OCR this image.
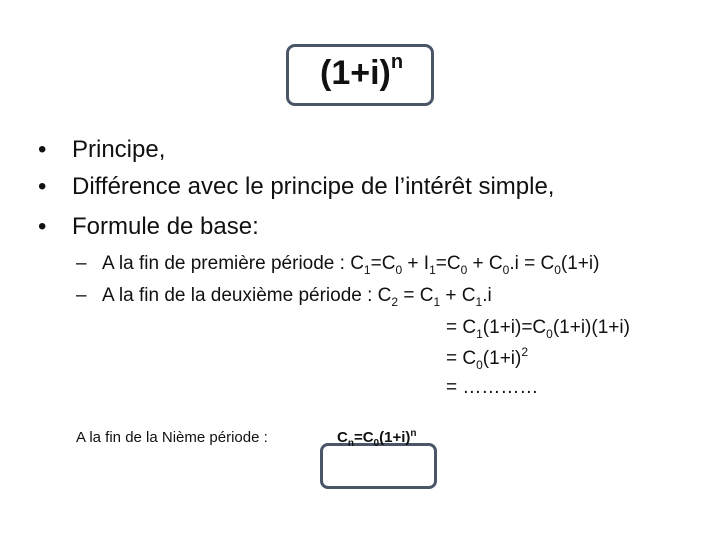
$(1+i)^n$
• Principe,
• Différence avec le principe de l’intérêt simple,
• Formule de base:
– A la fin de première période : $C_1=C_0 + I_1=C_0 + C_0.i = C_0(1+i)$
– A la fin de la deuxième période : $C_2 = C_1 + C_1.i$
= $C_1(1+i)=C_0(1+i)(1+i)$
= $C_0(1+i)^2$
= …………
A la fin de la Nième période :	$C_n=C_0(1+i)^n$
